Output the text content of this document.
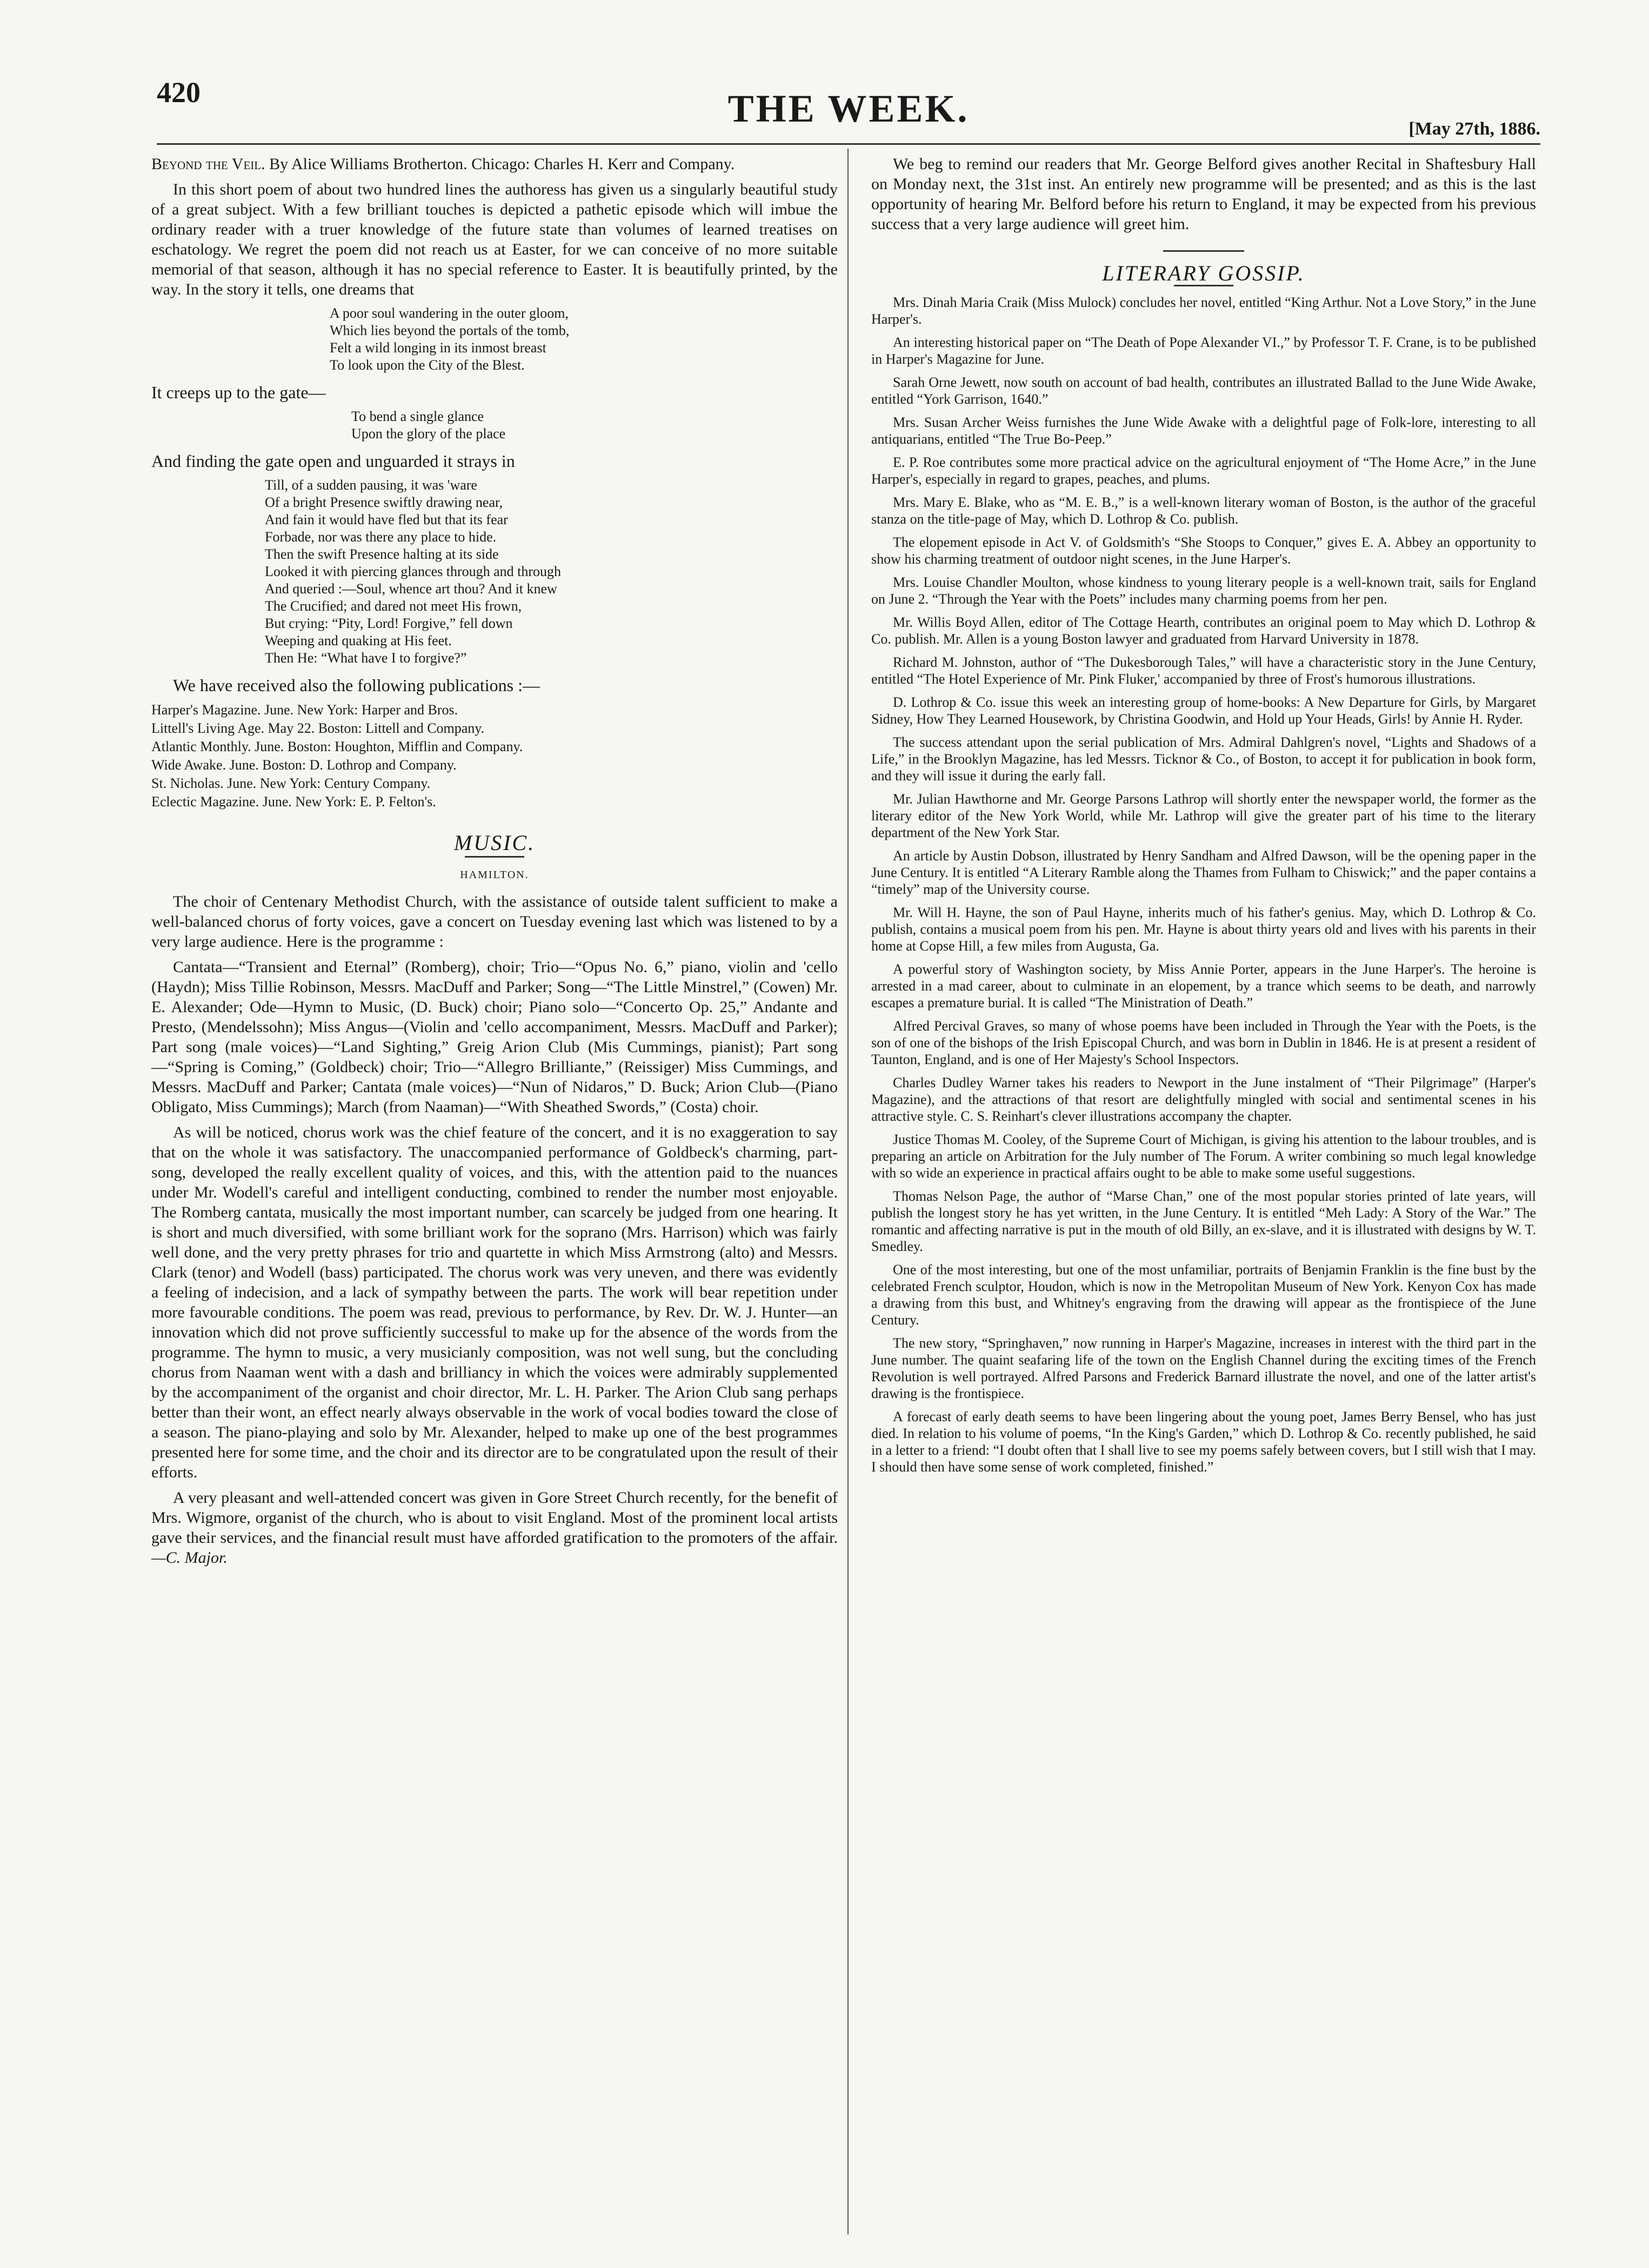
420	THE WEEK.	[May 27th, 1886.

Beyond the Veil. By Alice Williams Brotherton. Chicago: Charles H. Kerr and Company.

In this short poem of about two hundred lines the authoress has given us a singularly beautiful study of a great subject. With a few brilliant touches is depicted a pathetic episode which will imbue the ordinary reader with a truer knowledge of the future state than volumes of learned treatises on eschatology. We regret the poem did not reach us at Easter, for we can conceive of no more suitable memorial of that season, although it has no special reference to Easter. It is beautifully printed, by the way. In the story it tells, one dreams that

A poor soul wandering in the outer gloom,
Which lies beyond the portals of the tomb,
Felt a wild longing in its inmost breast
To look upon the City of the Blest.

It creeps up to the gate—

To bend a single glance
Upon the glory of the place

And finding the gate open and unguarded it strays in

Till, of a sudden pausing, it was 'ware
Of a bright Presence swiftly drawing near,
And fain it would have fled but that its fear
Forbade, nor was there any place to hide.
Then the swift Presence halting at its side
Looked it with piercing glances through and through
And queried :—Soul, whence art thou? And it knew
The Crucified; and dared not meet His frown,
But crying: “Pity, Lord! Forgive,” fell down
Weeping and quaking at His feet.
Then He: “What have I to forgive?”

We have received also the following publications :—

Harper's Magazine. June. New York: Harper and Bros.
Littell's Living Age. May 22. Boston: Littell and Company.
Atlantic Monthly. June. Boston: Houghton, Mifflin and Company.
Wide Awake. June. Boston: D. Lothrop and Company.
St. Nicholas. June. New York: Century Company.
Eclectic Magazine. June. New York: E. P. Felton's.
MUSIC.
HAMILTON.

The choir of Centenary Methodist Church, with the assistance of outside talent sufficient to make a well-balanced chorus of forty voices, gave a concert on Tuesday evening last which was listened to by a very large audience. Here is the programme :

Cantata—“Transient and Eternal” (Romberg), choir; Trio—“Opus No. 6,” piano, violin and 'cello (Haydn); Miss Tillie Robinson, Messrs. MacDuff and Parker; Song—“The Little Minstrel,” (Cowen) Mr. E. Alexander; Ode—Hymn to Music, (D. Buck) choir; Piano solo—“Concerto Op. 25,” Andante and Presto, (Mendelssohn); Miss Angus—(Violin and 'cello accompaniment, Messrs. MacDuff and Parker); Part song (male voices)—“Land Sighting,” Greig Arion Club (Mis Cummings, pianist); Part song—“Spring is Coming,” (Goldbeck) choir; Trio—“Allegro Brilliante,” (Reissiger) Miss Cummings, and Messrs. MacDuff and Parker; Cantata (male voices)—“Nun of Nidaros,” D. Buck; Arion Club—(Piano Obligato, Miss Cummings); March (from Naaman)—“With Sheathed Swords,” (Costa) choir.

As will be noticed, chorus work was the chief feature of the concert, and it is no exaggeration to say that on the whole it was satisfactory. The unaccompanied performance of Goldbeck's charming, part-song, developed the really excellent quality of voices, and this, with the attention paid to the nuances under Mr. Wodell's careful and intelligent conducting, combined to render the number most enjoyable. The Romberg cantata, musically the most important number, can scarcely be judged from one hearing. It is short and much diversified, with some brilliant work for the soprano (Mrs. Harrison) which was fairly well done, and the very pretty phrases for trio and quartette in which Miss Armstrong (alto) and Messrs. Clark (tenor) and Wodell (bass) participated. The chorus work was very uneven, and there was evidently a feeling of indecision, and a lack of sympathy between the parts. The work will bear repetition under more favourable conditions. The poem was read, previous to performance, by Rev. Dr. W. J. Hunter—an innovation which did not prove sufficiently successful to make up for the absence of the words from the programme. The hymn to music, a very musicianly composition, was not well sung, but the concluding chorus from Naaman went with a dash and brilliancy in which the voices were admirably supplemented by the accompaniment of the organist and choir director, Mr. L. H. Parker. The Arion Club sang perhaps better than their wont, an effect nearly always observable in the work of vocal bodies toward the close of a season. The piano-playing and solo by Mr. Alexander, helped to make up one of the best programmes presented here for some time, and the choir and its director are to be congratulated upon the result of their efforts.

A very pleasant and well-attended concert was given in Gore Street Church recently, for the benefit of Mrs. Wigmore, organist of the church, who is about to visit England. Most of the prominent local artists gave their services, and the financial result must have afforded gratification to the promoters of the affair.—C. Major.

We beg to remind our readers that Mr. George Belford gives another Recital in Shaftesbury Hall on Monday next, the 31st inst. An entirely new programme will be presented; and as this is the last opportunity of hearing Mr. Belford before his return to England, it may be expected from his previous success that a very large audience will greet him.

LITERARY GOSSIP.

Mrs. Dinah Maria Craik (Miss Mulock) concludes her novel, entitled “King Arthur. Not a Love Story,” in the June Harper's.

An interesting historical paper on “The Death of Pope Alexander VI.,” by Professor T. F. Crane, is to be published in Harper's Magazine for June.

Sarah Orne Jewett, now south on account of bad health, contributes an illustrated Ballad to the June Wide Awake, entitled “York Garrison, 1640.”

Mrs. Susan Archer Weiss furnishes the June Wide Awake with a delightful page of Folk-lore, interesting to all antiquarians, entitled “The True Bo-Peep.”

E. P. Roe contributes some more practical advice on the agricultural enjoyment of “The Home Acre,” in the June Harper's, especially in regard to grapes, peaches, and plums.

Mrs. Mary E. Blake, who as “M. E. B.,” is a well-known literary woman of Boston, is the author of the graceful stanza on the title-page of May, which D. Lothrop & Co. publish.

The elopement episode in Act V. of Goldsmith's “She Stoops to Conquer,” gives E. A. Abbey an opportunity to show his charming treatment of outdoor night scenes, in the June Harper's.

Mrs. Louise Chandler Moulton, whose kindness to young literary people is a well-known trait, sails for England on June 2. “Through the Year with the Poets” includes many charming poems from her pen.

Mr. Willis Boyd Allen, editor of The Cottage Hearth, contributes an original poem to May which D. Lothrop & Co. publish. Mr. Allen is a young Boston lawyer and graduated from Harvard University in 1878.

Richard M. Johnston, author of “The Dukesborough Tales,” will have a characteristic story in the June Century, entitled “The Hotel Experience of Mr. Pink Fluker,' accompanied by three of Frost's humorous illustrations.

D. Lothrop & Co. issue this week an interesting group of home-books: A New Departure for Girls, by Margaret Sidney, How They Learned Housework, by Christina Goodwin, and Hold up Your Heads, Girls! by Annie H. Ryder.

The success attendant upon the serial publication of Mrs. Admiral Dahlgren's novel, “Lights and Shadows of a Life,” in the Brooklyn Magazine, has led Messrs. Ticknor & Co., of Boston, to accept it for publication in book form, and they will issue it during the early fall.

Mr. Julian Hawthorne and Mr. George Parsons Lathrop will shortly enter the newspaper world, the former as the literary editor of the New York World, while Mr. Lathrop will give the greater part of his time to the literary department of the New York Star.

An article by Austin Dobson, illustrated by Henry Sandham and Alfred Dawson, will be the opening paper in the June Century. It is entitled “A Literary Ramble along the Thames from Fulham to Chiswick;” and the paper contains a “timely” map of the University course.

Mr. Will H. Hayne, the son of Paul Hayne, inherits much of his father's genius. May, which D. Lothrop & Co. publish, contains a musical poem from his pen. Mr. Hayne is about thirty years old and lives with his parents in their home at Copse Hill, a few miles from Augusta, Ga.

A powerful story of Washington society, by Miss Annie Porter, appears in the June Harper's. The heroine is arrested in a mad career, about to culminate in an elopement, by a trance which seems to be death, and narrowly escapes a premature burial. It is called “The Ministration of Death.”

Alfred Percival Graves, so many of whose poems have been included in Through the Year with the Poets, is the son of one of the bishops of the Irish Episcopal Church, and was born in Dublin in 1846. He is at present a resident of Taunton, England, and is one of Her Majesty's School Inspectors.

Charles Dudley Warner takes his readers to Newport in the June instalment of “Their Pilgrimage” (Harper's Magazine), and the attractions of that resort are delightfully mingled with social and sentimental scenes in his attractive style. C. S. Reinhart's clever illustrations accompany the chapter.

Justice Thomas M. Cooley, of the Supreme Court of Michigan, is giving his attention to the labour troubles, and is preparing an article on Arbitration for the July number of The Forum. A writer combining so much legal knowledge with so wide an experience in practical affairs ought to be able to make some useful suggestions.

Thomas Nelson Page, the author of “Marse Chan,” one of the most popular stories printed of late years, will publish the longest story he has yet written, in the June Century. It is entitled “Meh Lady: A Story of the War.” The romantic and affecting narrative is put in the mouth of old Billy, an ex-slave, and it is illustrated with designs by W. T. Smedley.

One of the most interesting, but one of the most unfamiliar, portraits of Benjamin Franklin is the fine bust by the celebrated French sculptor, Houdon, which is now in the Metropolitan Museum of New York. Kenyon Cox has made a drawing from this bust, and Whitney's engraving from the drawing will appear as the frontispiece of the June Century.

The new story, “Springhaven,” now running in Harper's Magazine, increases in interest with the third part in the June number. The quaint seafaring life of the town on the English Channel during the exciting times of the French Revolution is well portrayed. Alfred Parsons and Frederick Barnard illustrate the novel, and one of the latter artist's drawing is the frontispiece.

A forecast of early death seems to have been lingering about the young poet, James Berry Bensel, who has just died. In relation to his volume of poems, “In the King's Garden,” which D. Lothrop & Co. recently published, he said in a letter to a friend: “I doubt often that I shall live to see my poems safely between covers, but I still wish that I may. I should then have some sense of work completed, finished.”
